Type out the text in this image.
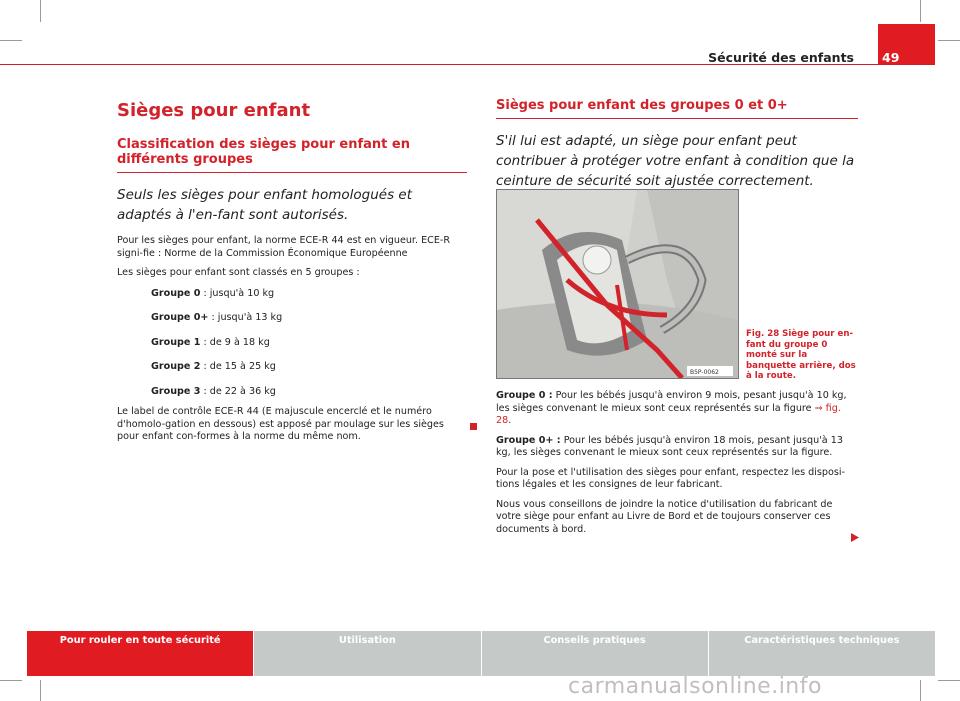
Sécurité des enfants 49
Sièges pour enfant
Classification des sièges pour enfant en différents groupes

Seuls les sièges pour enfant homologués et adaptés à l'en-fant sont autorisés.

Pour les sièges pour enfant, la norme ECE-R 44 est en vigueur. ECE-R signi-fie : Norme de la Commission Économique Européenne

Les sièges pour enfant sont classés en 5 groupes :

Groupe 0 : jusqu'à 10 kg

Groupe 0+ : jusqu'à 13 kg

Groupe 1 : de 9 à 18 kg

Groupe 2 : de 15 à 25 kg

Groupe 3 : de 22 à 36 kg

Le label de contrôle ECE-R 44 (E majuscule encerclé et le numéro d'homolo-gation en dessous) est apposé par moulage sur les sièges pour enfant con-formes à la norme du même nom.

Sièges pour enfant des groupes 0 et 0+

S'il lui est adapté, un siège pour enfant peut contribuer à protéger votre enfant à condition que la ceinture de sécurité soit ajustée correctement.

B5P-0062
Fig. 28 Siège pour en-fant du groupe 0 monté sur la banquette arrière, dos à la route.

Groupe 0 : Pour les bébés jusqu'à environ 9 mois, pesant jusqu'à 10 kg, les sièges convenant le mieux sont ceux représentés sur la figure ⇒ fig. 28.

Groupe 0+ : Pour les bébés jusqu'à environ 18 mois, pesant jusqu'à 13 kg, les sièges convenant le mieux sont ceux représentés sur la figure.

Pour la pose et l'utilisation des sièges pour enfant, respectez les disposi-tions légales et les consignes de leur fabricant.

Nous vous conseillons de joindre la notice d'utilisation du fabricant de votre siège pour enfant au Livre de Bord et de toujours conserver ces documents à bord.

Pour rouler en toute sécurité	Utilisation	Conseils pratiques	Caractéristiques techniques
carmanualsonline.info
